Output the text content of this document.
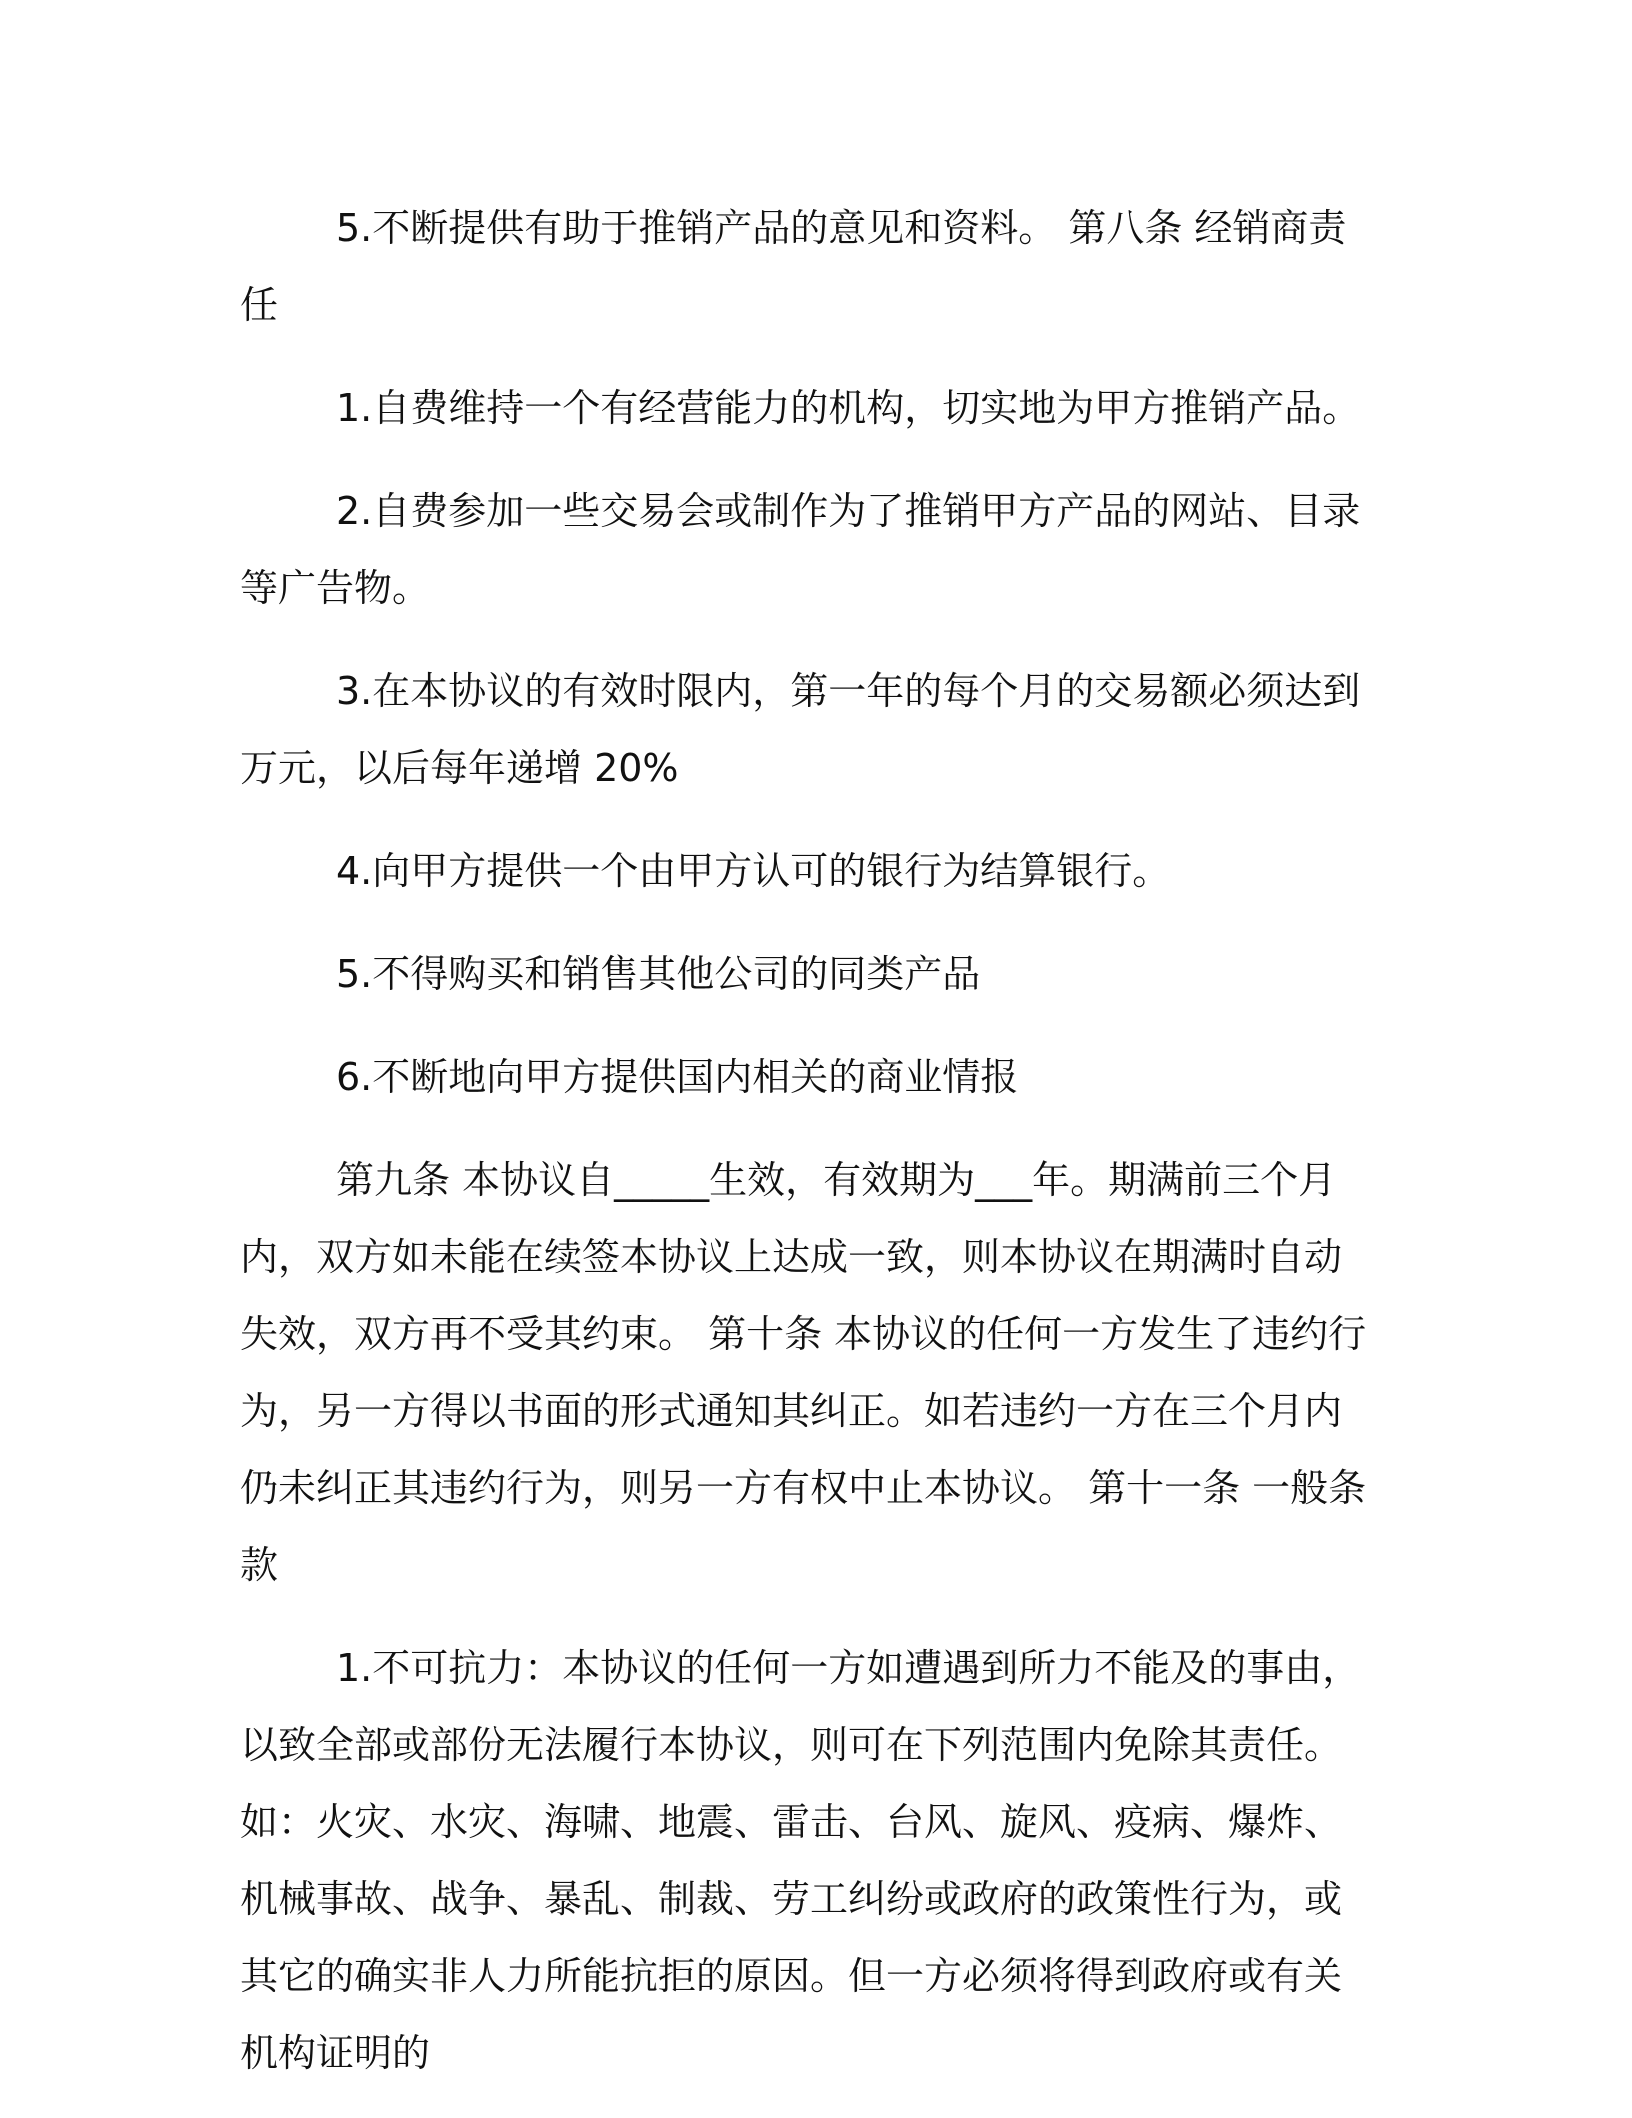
5.不断提供有助于推销产品的意见和资料。 第八条 经销商责任

1.自费维持一个有经营能力的机构，切实地为甲方推销产品。

2.自费参加一些交易会或制作为了推销甲方产品的网站、目录等广告物。

3.在本协议的有效时限内，第一年的每个月的交易额必须达到万元，以后每年递增 20%

4.向甲方提供一个由甲方认可的银行为结算银行。

5.不得购买和销售其他公司的同类产品

6.不断地向甲方提供国内相关的商业情报

第九条 本协议自_____生效，有效期为___年。期满前三个月内，双方如未能在续签本协议上达成一致，则本协议在期满时自动失效，双方再不受其约束。 第十条 本协议的任何一方发生了违约行为，另一方得以书面的形式通知其纠正。如若违约一方在三个月内仍未纠正其违约行为，则另一方有权中止本协议。 第十一条 一般条款

1.不可抗力：本协议的任何一方如遭遇到所力不能及的事由，以致全部或部份无法履行本协议，则可在下列范围内免除其责任。如：火灾、水灾、海啸、地震、雷击、台风、旋风、疫病、爆炸、机械事故、战争、暴乱、制裁、劳工纠纷或政府的政策性行为，或其它的确实非人力所能抗拒的原因。但一方必须将得到政府或有关机构证明的
